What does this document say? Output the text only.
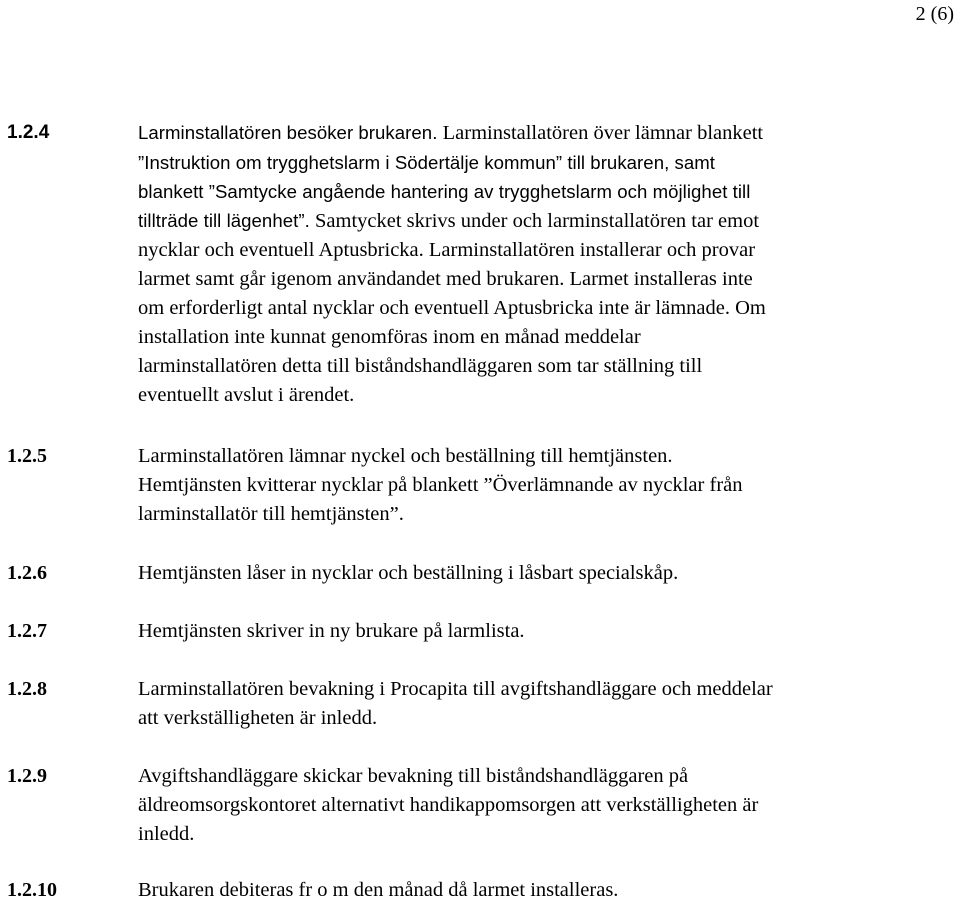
2 (6)
1.2.4	Larminstallatören besöker brukaren. Larminstallatören över lämnar blankett
”Instruktion om trygghetslarm i Södertälje kommun” till brukaren, samt
blankett ”Samtycke angående hantering av trygghetslarm och möjlighet till
tillträde till lägenhet”. Samtycket skrivs under och larminstallatören tar emot
nycklar och eventuell Aptusbricka. Larminstallatören installerar och provar
larmet samt går igenom användandet med brukaren. Larmet installeras inte
om erforderligt antal nycklar och eventuell Aptusbricka inte är lämnade. Om
installation inte kunnat genomföras inom en månad meddelar
larminstallatören detta till biståndshandläggaren som tar ställning till
eventuellt avslut i ärendet.
1.2.5	Larminstallatören lämnar nyckel och beställning till hemtjänsten.
Hemtjänsten kvitterar nycklar på blankett ”Överlämnande av nycklar från
larminstallatör till hemtjänsten”.
1.2.6	Hemtjänsten låser in nycklar och beställning i låsbart specialskåp.
1.2.7	Hemtjänsten skriver in ny brukare på larmlista.
1.2.8	Larminstallatören bevakning i Procapita till avgiftshandläggare och meddelar
att verkställigheten är inledd.
1.2.9	Avgiftshandläggare skickar bevakning till biståndshandläggaren på
äldreomsorgskontoret alternativt handikappomsorgen att verkställigheten är
inledd.
1.2.10	Brukaren debiteras fr o m den månad då larmet installeras.
